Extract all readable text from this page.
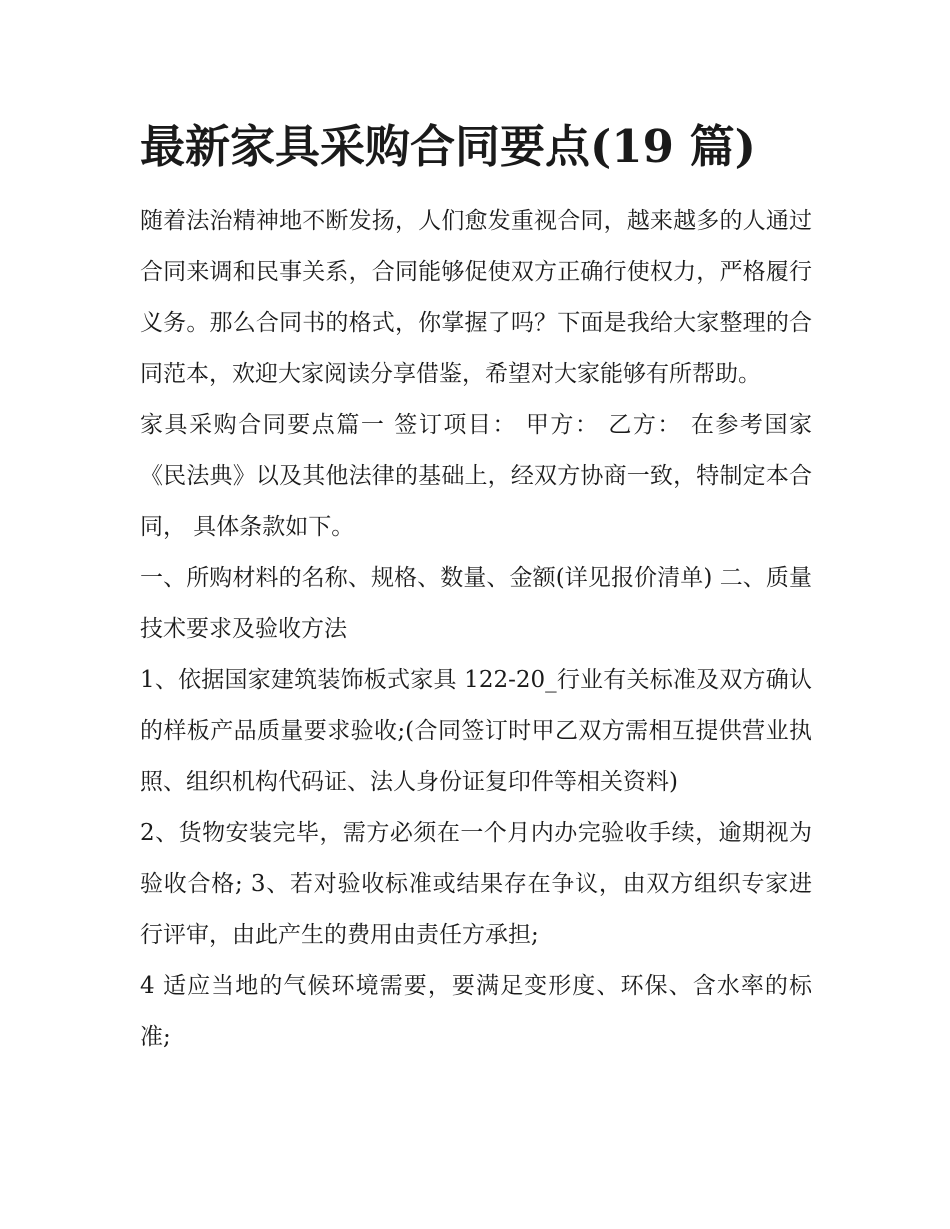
最新家具采购合同要点(19 篇)

随着法治精神地不断发扬，人们愈发重视合同，越来越多的人通过合同来调和民事关系，合同能够促使双方正确行使权力，严格履行义务。那么合同书的格式，你掌握了吗？下面是我给大家整理的合同范本，欢迎大家阅读分享借鉴，希望对大家能够有所帮助。

家具采购合同要点篇一 签订项目： 甲方： 乙方： 在参考国家《民法典》以及其他法律的基础上，经双方协商一致，特制定本合同， 具体条款如下。

一、所购材料的名称、规格、数量、金额(详见报价清单) 二、质量技术要求及验收方法

1、依据国家建筑装饰板式家具 122-20_行业有关标准及双方确认的样板产品质量要求验收;(合同签订时甲乙双方需相互提供营业执照、组织机构代码证、法人身份证复印件等相关资料)

2、货物安装完毕，需方必须在一个月内办完验收手续，逾期视为验收合格; 3、若对验收标准或结果存在争议，由双方组织专家进行评审，由此产生的费用由责任方承担;

4 适应当地的气候环境需要，要满足变形度、环保、含水率的标准;
